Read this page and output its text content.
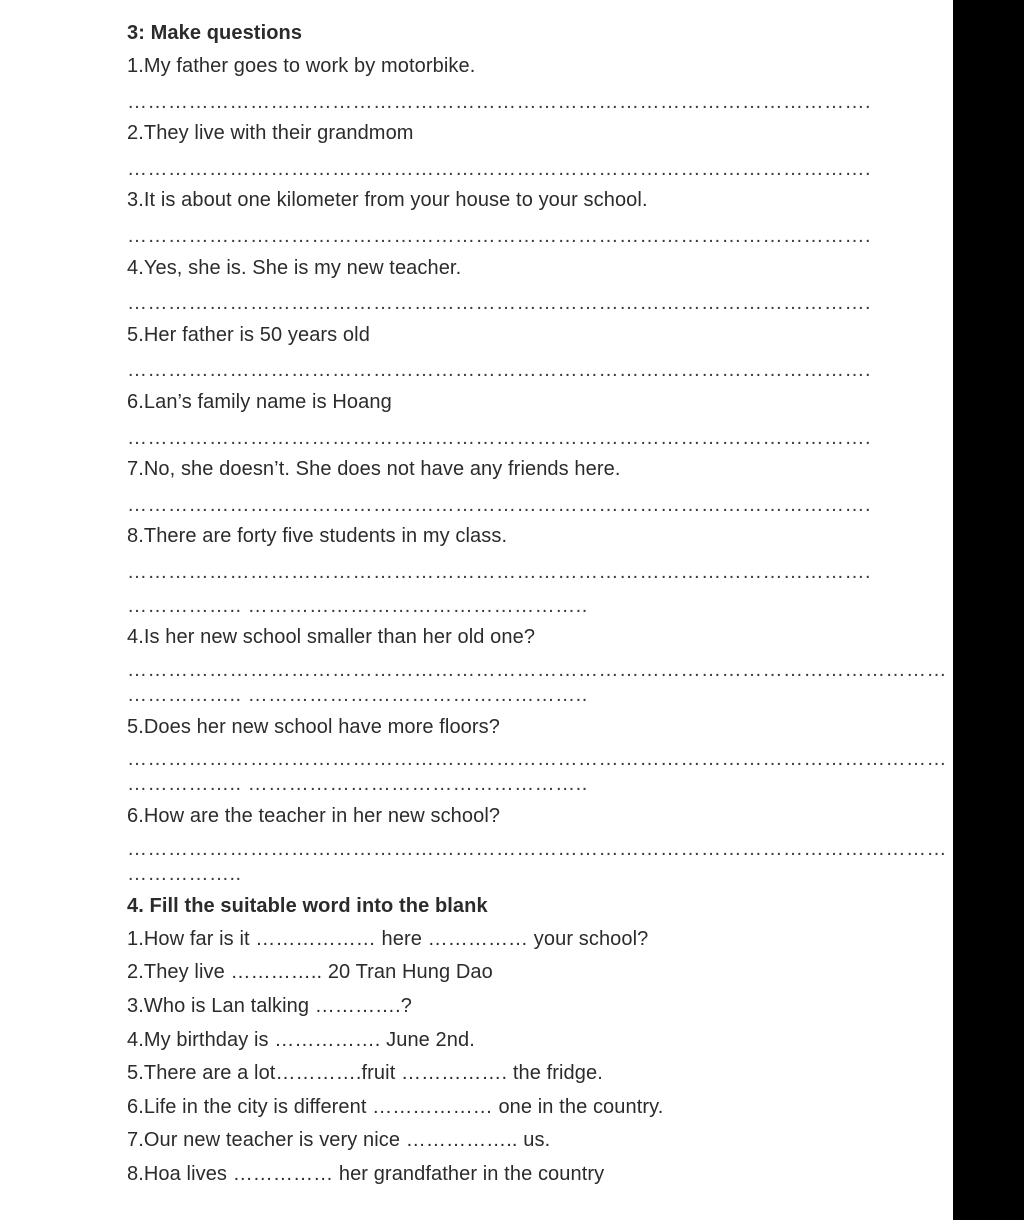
3: Make questions
1.My father goes to work by motorbike.
……………………………………………………………………………………………….
2.They live with their grandmom
……………………………………………………………………………………………….
3.It is about one kilometer from your house to your school.
……………………………………………………………………………………………….
4.Yes, she is. She is my new teacher.
……………………………………………………………………………………………….
5.Her father is 50 years old
……………………………………………………………………………………………….
6.Lan’s family name is Hoang
……………………………………………………………………………………………….
7.No, she doesn’t. She does not have any friends here.
……………………………………………………………………………………………….
8.There are forty five students in my class.
……………………………………………………………………………………………….
…………….. …………………………………………..
4.Is her new school smaller than her old one?
…………………………………………………………………………………………………………
…………….. …………………………………………..
5.Does her new school have more floors?
…………………………………………………………………………………………………………
…………….. …………………………………………..
6.How are the teacher in her new school?
…………………………………………………………………………………………………………
……………..
4. Fill the suitable word into the blank
1.How far is it ……………… here …………… your school?
2.They live ………….. 20 Tran Hung Dao
3.Who is Lan talking ………….?
4.My birthday is ……………. June 2nd.
5.There are a lot………….fruit ……………. the fridge.
6.Life in the city is different ……………… one in the country.
7.Our new teacher is very nice …………….. us.
8.Hoa lives …………… her grandfather in the country
